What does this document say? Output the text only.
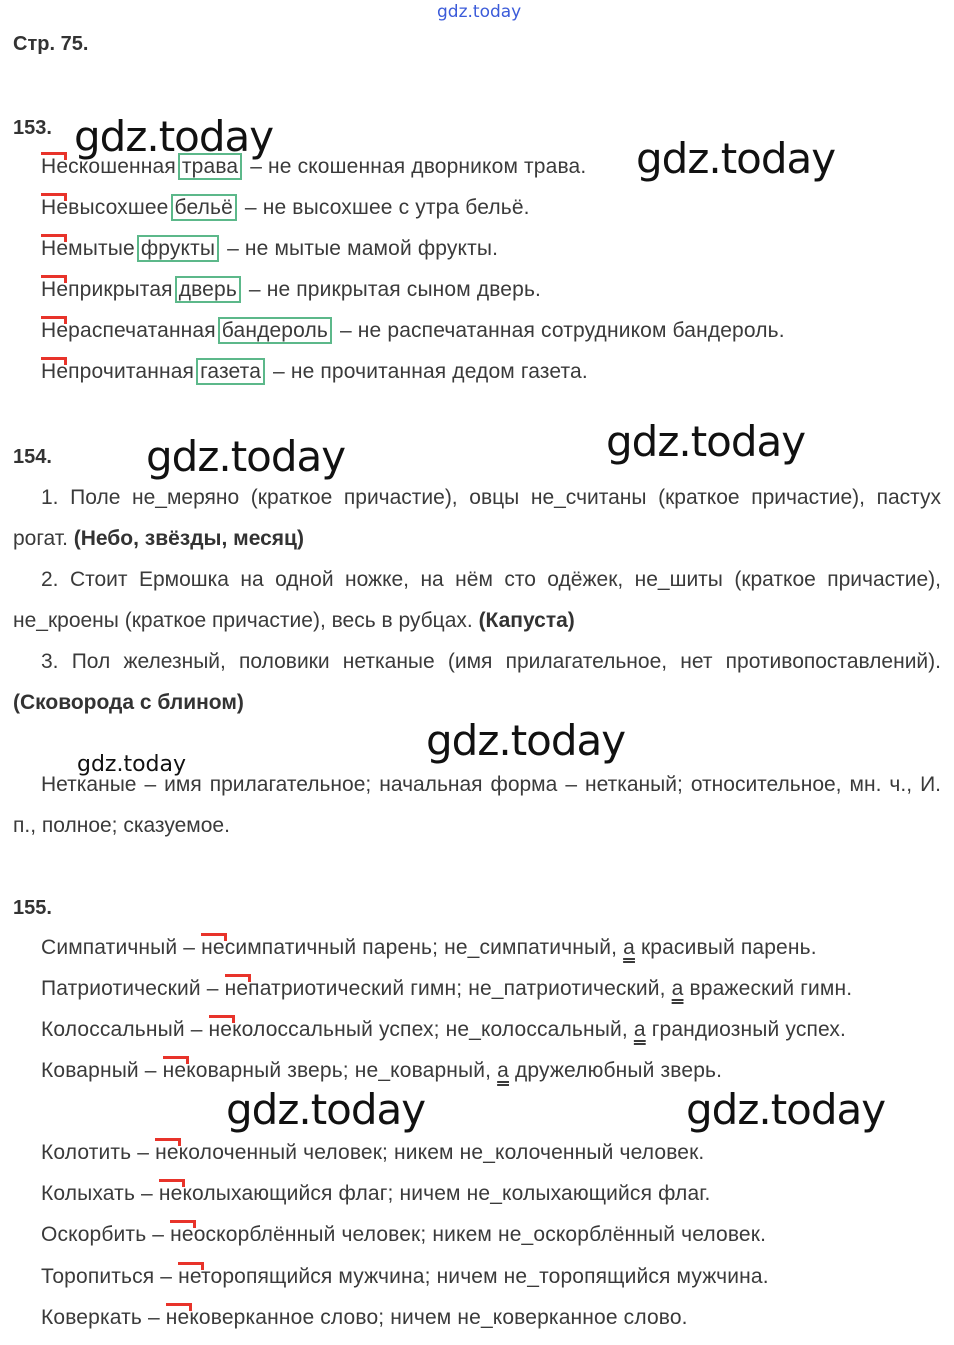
gdz.today
Стр. 75.
153.
Нескошенная трава – не скошенная дворником трава.
Невысохшее бельё – не высохшее с утра бельё.
Немытые фрукты – не мытые мамой фрукты.
Неприкрытая дверь – не прикрытая сыном дверь.
Нераспечатанная бандероль – не распечатанная сотрудником бандероль.
Непрочитанная газета – не прочитанная дедом газета.
154.
1. Поле не_меряно (краткое причастие), овцы не_считаны (краткое причастие), пастух рогат. (Небо, звёзды, месяц)
2. Стоит Ермошка на одной ножке, на нём сто одёжек, не_шиты (краткое причастие), не_кроены (краткое причастие), весь в рубцах. (Капуста)
3. Пол железный, половики нетканые (имя прилагательное, нет противопоставлений). (Сковорода с блином)
Нетканые – имя прилагательное; начальная форма – нетканый; относительное, мн. ч., И. п., полное; сказуемое.
155.
Симпатичный –
несимпатичный парень; не_симпатичный, а красивый парень.
Патриотический –
непатриотический гимн; не_патриотический, а вражеский гимн.
Колоссальный –
неколоссальный успех; не_колоссальный, а грандиозный успех.
Коварный –
нековарный зверь; не_коварный, а дружелюбный зверь.
Колотить –
неколоченный человек; никем не_колоченный человек.
Колыхать –
неколыхающийся флаг; ничем не_колыхающийся флаг.
Оскорбить –
неоскорблённый человек; никем не_оскорблённый человек.
Торопиться –
неторопящийся мужчина; ничем не_торопящийся мужчина.
Коверкать –
нековерканное слово; ничем не_коверканное слово.
gdz.today	gdz.today
gdz.today	gdz.today
gdz.today
gdz.today
gdz.today	gdz.today
